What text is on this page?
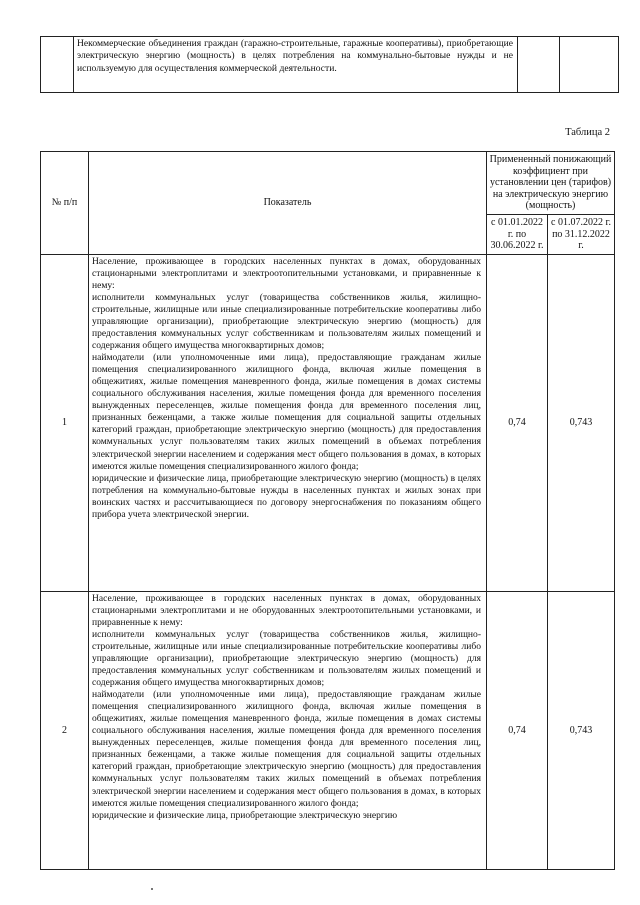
Некоммерческие объединения граждан (гаражно-строительные, гаражные кооперативы), приобретающие электрическую энергию (мощность) в целях потребления на коммунально-бытовые нужды и не используемую для осуществления коммерческой деятельности.

Таблица 2
№ п/п	Показатель	Примененный понижающий коэффициент при установлении цен (тарифов) на электрическую энергию (мощность)	
		с 01.01.2022 г. по 30.06.2022 г.	с 01.07.2022 г. по 31.12.2022 г.
1	Население, проживающее в городских населенных пунктах в домах, оборудованных стационарными электроплитами и электроотопительными установками, и приравненные к нему:

исполнители коммунальных услуг (товарищества собственников жилья, жилищно-строительные, жилищные или иные специализированные потребительские кооперативы либо управляющие организации), приобретающие электрическую энергию (мощность) для предоставления коммунальных услуг собственникам и пользователям жилых помещений и содержания общего имущества многоквартирных домов;

наймодатели (или уполномоченные ими лица), предоставляющие гражданам жилые помещения специализированного жилищного фонда, включая жилые помещения в общежитиях, жилые помещения маневренного фонда, жилые помещения в домах системы социального обслуживания населения, жилые помещения фонда для временного поселения вынужденных переселенцев, жилые помещения фонда для временного поселения лиц, признанных беженцами, а также жилые помещения для социальной защиты отдельных категорий граждан, приобретающие электрическую энергию (мощность) для предоставления коммунальных услуг пользователям таких жилых помещений в объемах потребления электрической энергии населением и содержания мест общего пользования в домах, в которых имеются жилые помещения специализированного жилого фонда;

юридические и физические лица, приобретающие электрическую энергию (мощность) в целях потребления на коммунально-бытовые нужды в населенных пунктах и жилых зонах при воинских частях и рассчитывающиеся по договору энергоснабжения по показаниям общего прибора учета электрической энергии.	0,74	0,743
2	Население, проживающее в городских населенных пунктах в домах, оборудованных стационарными электроплитами и не оборудованных электроотопительными установками, и приравненные к нему:

исполнители коммунальных услуг (товарищества собственников жилья, жилищно-строительные, жилищные или иные специализированные потребительские кооперативы либо управляющие организации), приобретающие электрическую энергию (мощность) для предоставления коммунальных услуг собственникам и пользователям жилых помещений и содержания общего имущества многоквартирных домов;

наймодатели (или уполномоченные ими лица), предоставляющие гражданам жилые помещения специализированного жилищного фонда, включая жилые помещения в общежитиях, жилые помещения маневренного фонда, жилые помещения в домах системы социального обслуживания населения, жилые помещения фонда для временного поселения вынужденных переселенцев, жилые помещения фонда для временного поселения лиц, признанных беженцами, а также жилые помещения для социальной защиты отдельных категорий граждан, приобретающие электрическую энергию (мощность) для предоставления коммунальных услуг пользователям таких жилых помещений в объемах потребления электрической энергии населением и содержания мест общего пользования в домах, в которых имеются жилые помещения специализированного жилого фонда;

юридические и физические лица, приобретающие электрическую энергию	0,74	0,743
